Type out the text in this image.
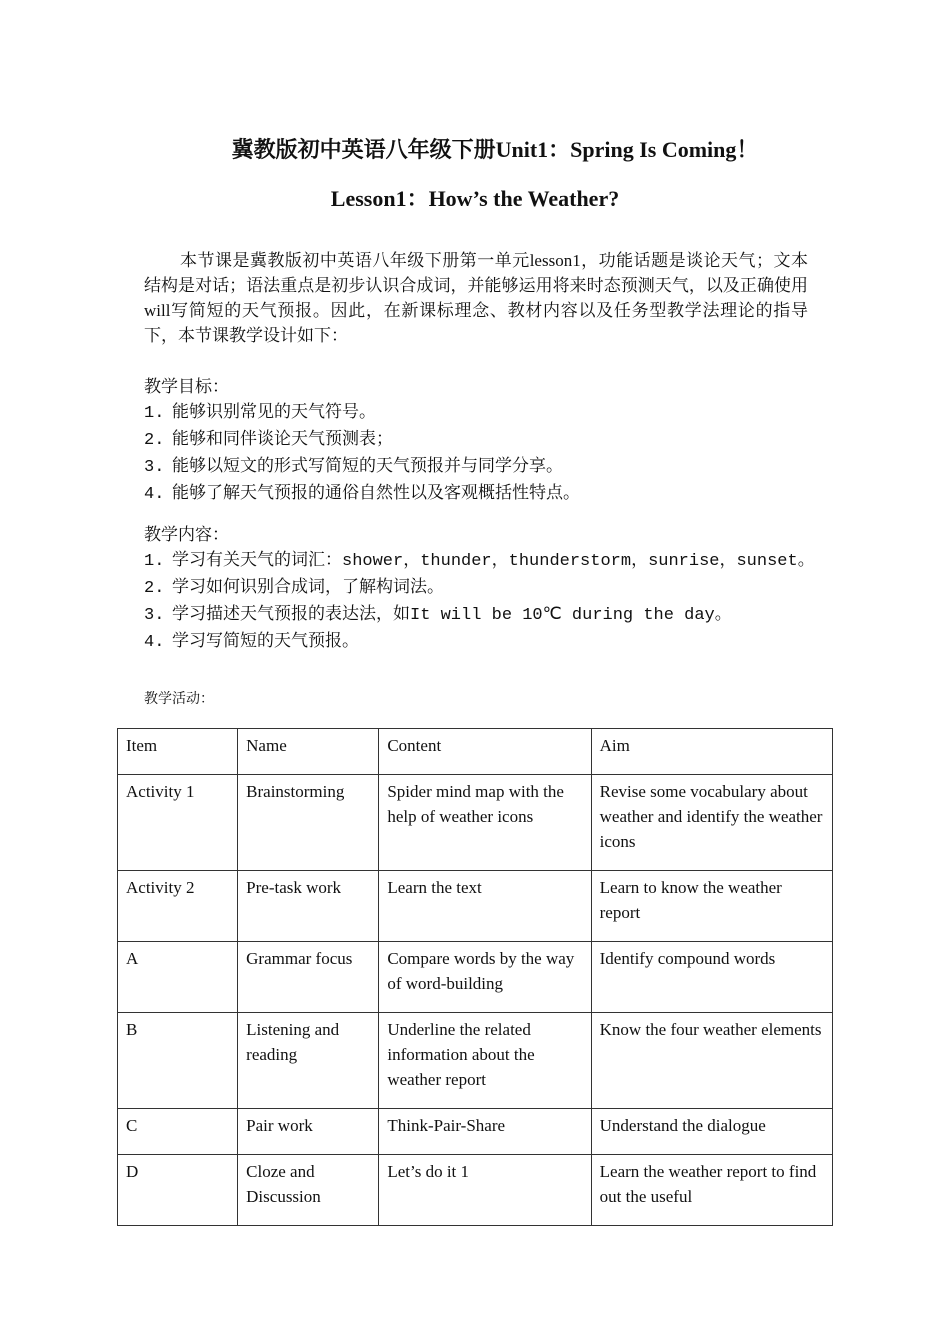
冀教版初中英语八年级下册Unit1：Spring Is Coming！
Lesson1：How’s the Weather?

本节课是冀教版初中英语八年级下册第一单元lesson1，功能话题是谈论天气；文本结构是对话；语法重点是初步认识合成词，并能够运用将来时态预测天气，以及正确使用will写简短的天气预报。因此，在新课标理念、教材内容以及任务型教学法理论的指导下，本节课教学设计如下：

教学目标：

1. 能够识别常见的天气符号。
2. 能够和同伴谈论天气预测表；
3. 能够以短文的形式写简短的天气预报并与同学分享。
4. 能够了解天气预报的通俗自然性以及客观概括性特点。

教学内容：

1. 学习有关天气的词汇：shower，thunder，thunderstorm，sunrise，sunset。
2. 学习如何识别合成词，了解构词法。
3. 学习描述天气预报的表达法，如It will be 10℃ during the day。
4. 学习写简短的天气预报。

教学活动：

Item	Name	Content	Aim
Activity 1	Brainstorming	Spider mind map with the help of weather icons	Revise some vocabulary about weather and identify the weather icons
Activity 2	Pre-task work	Learn the text	Learn to know the weather report
A	Grammar focus	Compare words by the way of word-building	Identify compound words
B	Listening and reading	Underline the related information about the weather report	Know the four weather elements
C	Pair work	Think-Pair-Share	Understand the dialogue
D	Cloze and Discussion	Let’s do it 1	Learn the weather report to find out the useful
